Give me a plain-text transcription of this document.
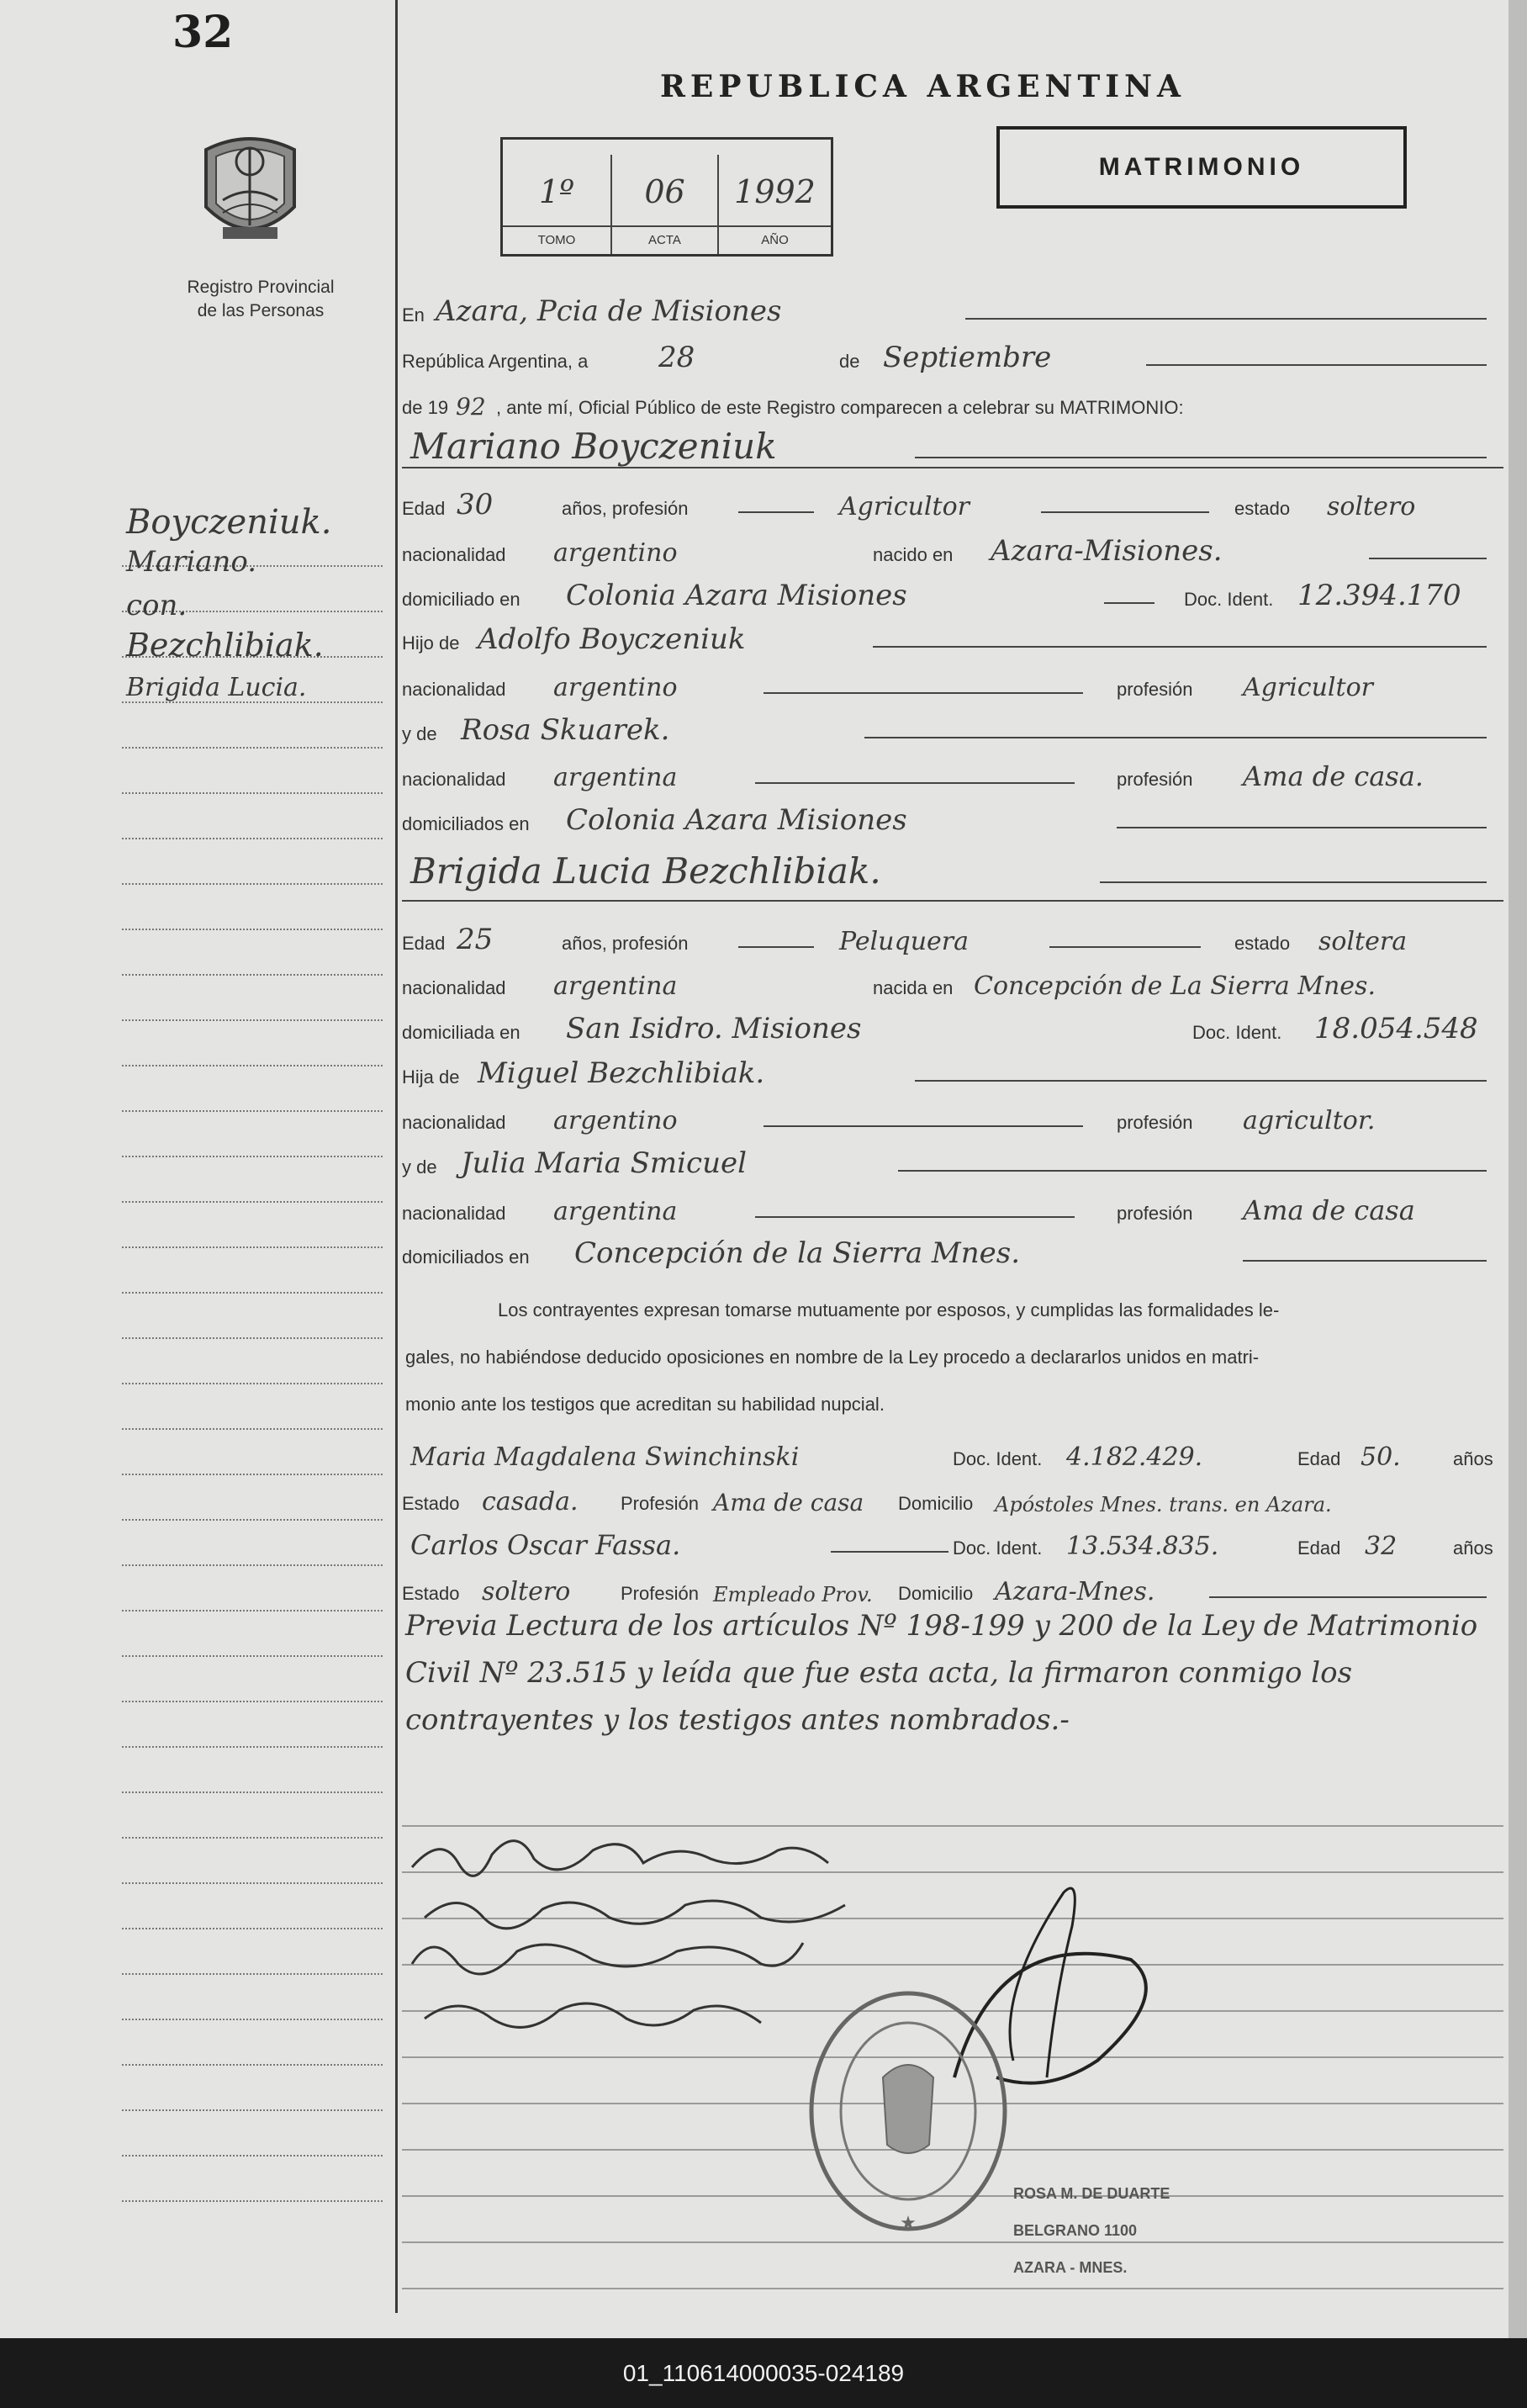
32
Registro Provincial
de las Personas
Boyczeniuk.
Mariano.
con.
Bezchlibiak.
Brigida Lucia.
REPUBLICA ARGENTINA
1º
TOMO
06
ACTA
1992
AÑO
MATRIMONIO
En Azara, Pcia de Misiones
República Argentina, a 28	de Septiembre
de 19 92 , ante mí, Oficial Público de este Registro comparecen a celebrar su MATRIMONIO:
Mariano Boyczeniuk
Edad 30	años, profesión	Agricultor	estado soltero
nacionalidad argentino	nacido en Azara-Misiones.
domiciliado en Colonia Azara Misiones	Doc. Ident. 12.394.170
Hijo de Adolfo Boyczeniuk
nacionalidad argentino	profesión Agricultor
y de Rosa Skuarek.
nacionalidad argentina	profesión Ama de casa.
domiciliados en Colonia Azara Misiones
Brigida Lucia Bezchlibiak.
Edad 25	años, profesión	Peluquera	estado soltera
nacionalidad argentina	nacida en Concepción de La Sierra Mnes.
domiciliada en San Isidro. Misiones	Doc. Ident. 18.054.548
Hija de Miguel Bezchlibiak.
nacionalidad argentino	profesión agricultor.
y de Julia Maria Smicuel
nacionalidad argentina	profesión Ama de casa
domiciliados en Concepción de la Sierra Mnes.
Los contrayentes expresan tomarse mutuamente por esposos, y cumplidas las formalidades le-
gales, no habiéndose deducido oposiciones en nombre de la Ley procedo a declararlos unidos en matri-
monio ante los testigos que acreditan su habilidad nupcial.
Maria Magdalena Swinchinski	Doc. Ident. 4.182.429.	Edad 50.	años
Estado casada. Profesión Ama de casa Domicilio Apóstoles Mnes. trans. en Azara.
Carlos Oscar Fassa.	Doc. Ident. 13.534.835.	Edad 32	años
Estado soltero	Profesión Empleado Prov. Domicilio Azara-Mnes.
Previa Lectura de los artículos Nº 198-199 y 200 de la Ley de Matrimonio Civil Nº 23.515 y leída que fue esta acta, la firmaron conmigo los contrayentes y los testigos antes nombrados.-
★

ROSA M. DE DUARTE

BELGRANO 1100

AZARA - MNES.

01_110614000035-024189
